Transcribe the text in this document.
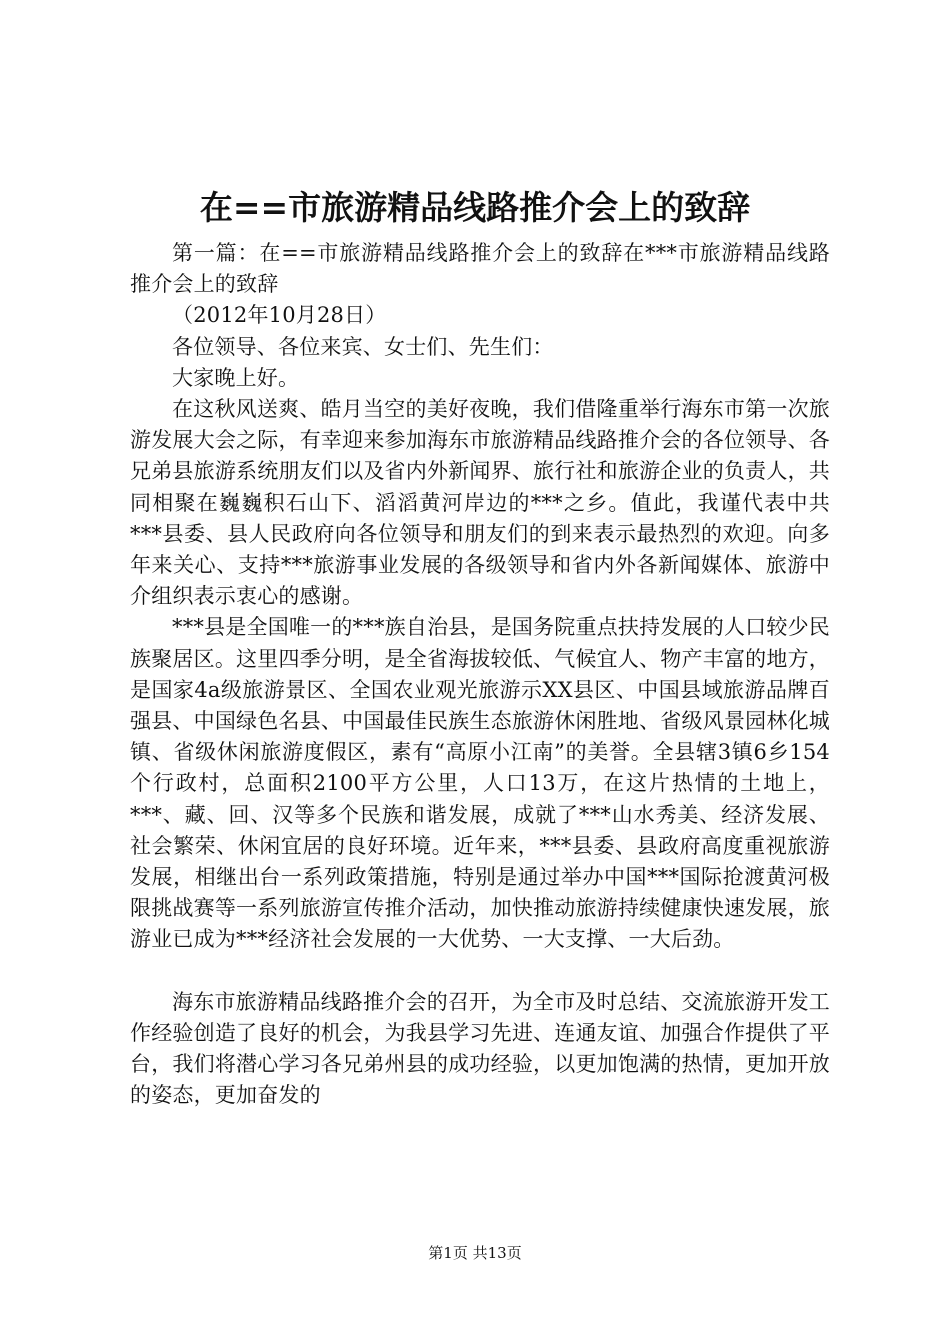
在==市旅游精品线路推介会上的致辞

第一篇：在==市旅游精品线路推介会上的致辞在***市旅游精品线路推介会上的致辞

（2012年10月28日）

各位领导、各位来宾、女士们、先生们：

大家晚上好。

在这秋风送爽、皓月当空的美好夜晚，我们借隆重举行海东市第一次旅游发展大会之际，有幸迎来参加海东市旅游精品线路推介会的各位领导、各兄弟县旅游系统朋友们以及省内外新闻界、旅行社和旅游企业的负责人，共同相聚在巍巍积石山下、滔滔黄河岸边的***之乡。值此，我谨代表中共***县委、县人民政府向各位领导和朋友们的到来表示最热烈的欢迎。向多年来关心、支持***旅游事业发展的各级领导和省内外各新闻媒体、旅游中介组织表示衷心的感谢。

***县是全国唯一的***族自治县，是国务院重点扶持发展的人口较少民族聚居区。这里四季分明，是全省海拔较低、气候宜人、物产丰富的地方，是国家4a级旅游景区、全国农业观光旅游示XX县区、中国县域旅游品牌百强县、中国绿色名县、中国最佳民族生态旅游休闲胜地、省级风景园林化城镇、省级休闲旅游度假区，素有“高原小江南”的美誉。全县辖3镇6乡154个行政村，总面积2100平方公里，人口13万，在这片热情的土地上，***、藏、回、汉等多个民族和谐发展，成就了***山水秀美、经济发展、社会繁荣、休闲宜居的良好环境。近年来，***县委、县政府高度重视旅游发展，相继出台一系列政策措施，特别是通过举办中国***国际抢渡黄河极限挑战赛等一系列旅游宣传推介活动，加快推动旅游持续健康快速发展，旅游业已成为***经济社会发展的一大优势、一大支撑、一大后劲。

海东市旅游精品线路推介会的召开，为全市及时总结、交流旅游开发工作经验创造了良好的机会，为我县学习先进、连通友谊、加强合作提供了平台，我们将潜心学习各兄弟州县的成功经验，以更加饱满的热情，更加开放的姿态，更加奋发的

第1页 共13页
